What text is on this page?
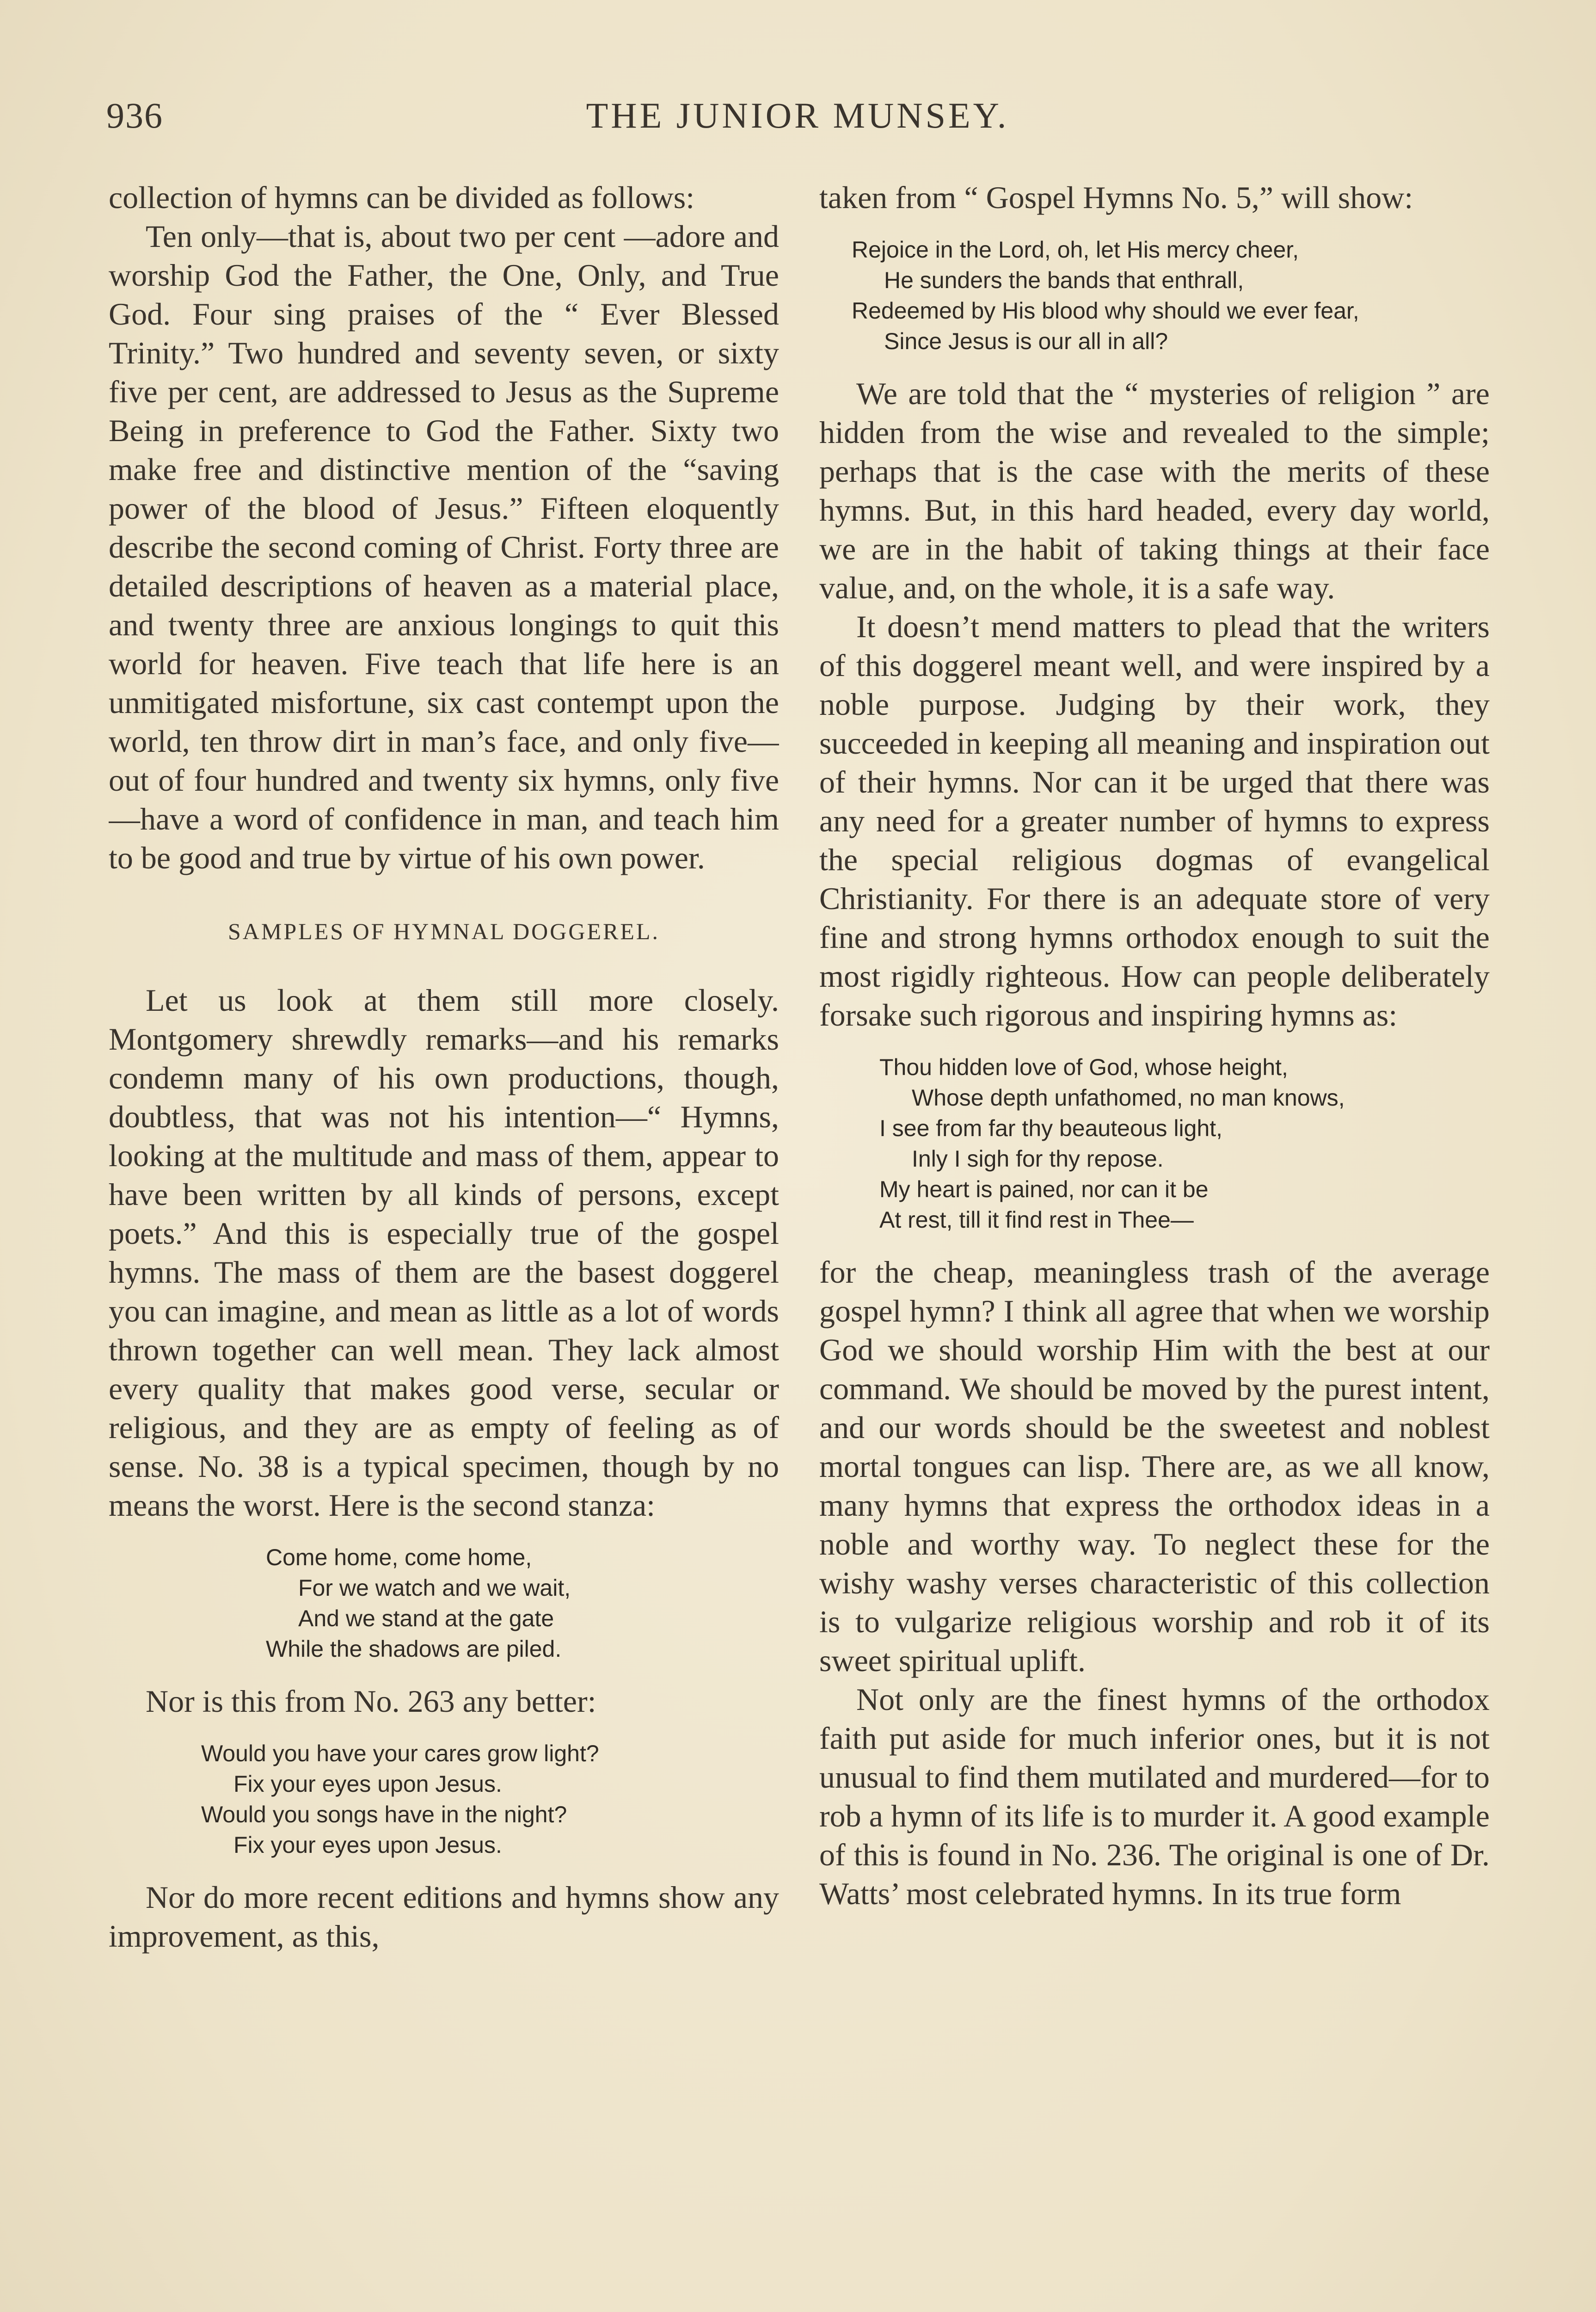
936	THE JUNIOR MUNSEY.

collection of hymns can be divided as follows:

Ten only—that is, about two per cent —adore and worship God the Father, the One, Only, and True God. Four sing praises of the “ Ever Blessed Trinity.” Two hundred and seventy seven, or sixty five per cent, are addressed to Jesus as the Supreme Being in preference to God the Father. Sixty two make free and distinctive mention of the “saving power of the blood of Jesus.” Fifteen eloquently describe the second coming of Christ. Forty three are detailed descriptions of heaven as a material place, and twenty three are anxious longings to quit this world for heaven. Five teach that life here is an unmitigated misfortune, six cast contempt upon the world, ten throw dirt in man’s face, and only five—out of four hundred and twenty six hymns, only five—have a word of confidence in man, and teach him to be good and true by virtue of his own power.

SAMPLES OF HYMNAL DOGGEREL.

Let us look at them still more closely. Montgomery shrewdly remarks—and his remarks condemn many of his own productions, though, doubtless, that was not his intention—“ Hymns, looking at the multitude and mass of them, appear to have been written by all kinds of persons, except poets.” And this is especially true of the gospel hymns. The mass of them are the basest doggerel you can imagine, and mean as little as a lot of words thrown together can well mean. They lack almost every quality that makes good verse, secular or religious, and they are as empty of feeling as of sense. No. 38 is a typical specimen, though by no means the worst. Here is the second stanza:

Come home, come home,
For we watch and we wait,
And we stand at the gate
While the shadows are piled.

Nor is this from No. 263 any better:

Would you have your cares grow light?
Fix your eyes upon Jesus.
Would you songs have in the night?
Fix your eyes upon Jesus.

Nor do more recent editions and hymns show any improvement, as this,

taken from “ Gospel Hymns No. 5,” will show:

Rejoice in the Lord, oh, let His mercy cheer,
He sunders the bands that enthrall,
Redeemed by His blood why should we ever fear,
Since Jesus is our all in all?

We are told that the “ mysteries of religion ” are hidden from the wise and revealed to the simple; perhaps that is the case with the merits of these hymns. But, in this hard headed, every day world, we are in the habit of taking things at their face value, and, on the whole, it is a safe way.

It doesn’t mend matters to plead that the writers of this doggerel meant well, and were inspired by a noble purpose. Judging by their work, they succeeded in keeping all meaning and inspiration out of their hymns. Nor can it be urged that there was any need for a greater number of hymns to express the special religious dogmas of evangelical Christianity. For there is an adequate store of very fine and strong hymns orthodox enough to suit the most rigidly righteous. How can people deliberately forsake such rigorous and inspiring hymns as:

Thou hidden love of God, whose height,
Whose depth unfathomed, no man knows,
I see from far thy beauteous light,
Inly I sigh for thy repose.
My heart is pained, nor can it be
At rest, till it find rest in Thee—

for the cheap, meaningless trash of the average gospel hymn? I think all agree that when we worship God we should worship Him with the best at our command. We should be moved by the purest intent, and our words should be the sweetest and noblest mortal tongues can lisp. There are, as we all know, many hymns that express the orthodox ideas in a noble and worthy way. To neglect these for the wishy washy verses characteristic of this collection is to vulgarize religious worship and rob it of its sweet spiritual uplift.

Not only are the finest hymns of the orthodox faith put aside for much inferior ones, but it is not unusual to find them mutilated and murdered—for to rob a hymn of its life is to murder it. A good example of this is found in No. 236. The original is one of Dr. Watts’ most celebrated hymns. In its true form
